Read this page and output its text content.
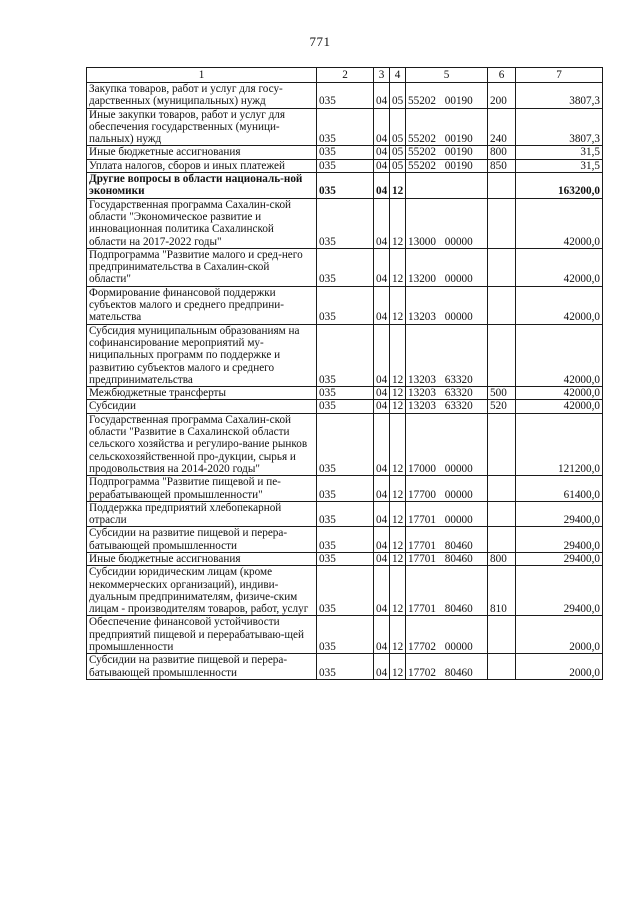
771
1	2	3	4	5	6	7
Закупка товаров, работ и услуг для госу-дарственных (муниципальных) нужд	035	04	05	55202 00190	200	3807,3
Иные закупки товаров, работ и услуг для обеспечения государственных (муници-пальных) нужд	035	04	05	55202 00190	240	3807,3
Иные бюджетные ассигнования	035	04	05	55202 00190	800	31,5
Уплата налогов, сборов и иных платежей	035	04	05	55202 00190	850	31,5
Другие вопросы в области националь-ной экономики	035	04	12			163200,0
Государственная программа Сахалин-ской области "Экономическое развитие и инновационная политика Сахалинской области на 2017-2022 годы"	035	04	12	13000 00000		42000,0
Подпрограмма "Развитие малого и сред-него предпринимательства в Сахалин-ской области"	035	04	12	13200 00000		42000,0
Формирование финансовой поддержки субъектов малого и среднего предприни-мательства	035	04	12	13203 00000		42000,0
Субсидия муниципальным образованиям на софинансирование мероприятий му-ниципальных программ по поддержке и развитию субъектов малого и среднего предпринимательства	035	04	12	13203 63320		42000,0
Межбюджетные трансферты	035	04	12	13203 63320	500	42000,0
Субсидии	035	04	12	13203 63320	520	42000,0
Государственная программа Сахалин-ской области "Развитие в Сахалинской области сельского хозяйства и регулиро-вание рынков сельскохозяйственной про-дукции, сырья и продовольствия на 2014-2020 годы"	035	04	12	17000 00000		121200,0
Подпрограмма "Развитие пищевой и пе-рерабатывающей промышленности"	035	04	12	17700 00000		61400,0
Поддержка предприятий хлебопекарной отрасли	035	04	12	17701 00000		29400,0
Субсидии на развитие пищевой и перера-батывающей промышленности	035	04	12	17701 80460		29400,0
Иные бюджетные ассигнования	035	04	12	17701 80460	800	29400,0
Субсидии юридическим лицам (кроме некоммерческих организаций), индиви-дуальным предпринимателям, физиче-ским лицам - производителям товаров, работ, услуг	035	04	12	17701 80460	810	29400,0
Обеспечение финансовой устойчивости предприятий пищевой и перерабатываю-щей промышленности	035	04	12	17702 00000		2000,0
Субсидии на развитие пищевой и перера-батывающей промышленности	035	04	12	17702 80460		2000,0
